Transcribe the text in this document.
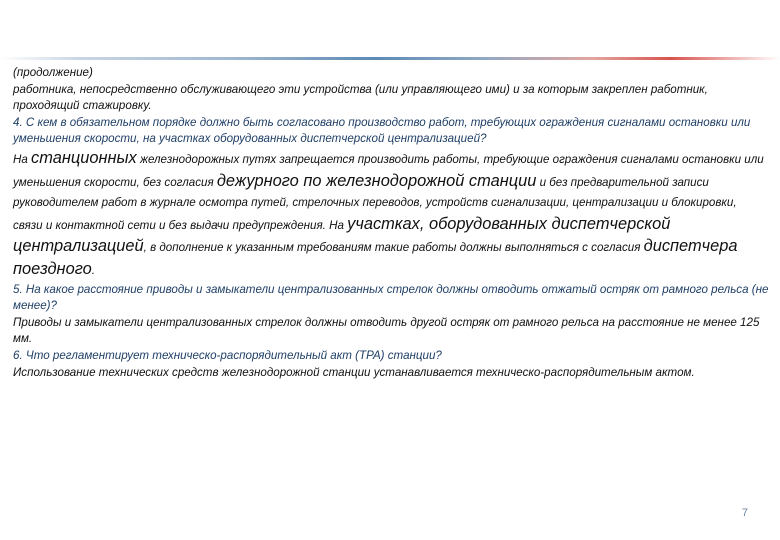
(продолжение)

работника, непосредственно обслуживающего эти устройства (или управляющего ими) и за которым закреплен работник, проходящий стажировку.

4. С кем в обязательном порядке должно быть согласовано производство работ, требующих ограждения сигналами остановки или уменьшения скорости, на участках оборудованных диспетчерской централизацией?

На станционных железнодорожных путях запрещается производить работы, требующие ограждения сигналами остановки или уменьшения скорости, без согласия дежурного по железнодорожной станции и без предварительной записи руководителем работ в журнале осмотра путей, стрелочных переводов, устройств сигнализации, централизации и блокировки, связи и контактной сети и без выдачи предупреждения. На участках, оборудованных диспетчерской централизацией, в дополнение к указанным требованиям такие работы должны выполняться с согласия диспетчера поездного.

5. На какое расстояние приводы и замыкатели централизованных стрелок должны отводить отжатый остряк от рамного рельса (не менее)?

Приводы и замыкатели централизованных стрелок должны отводить другой остряк от рамного рельса на расстояние не менее 125 мм.

6. Что регламентирует техническо-распорядительный акт (ТРА) станции?

Использование технических средств железнодорожной станции устанавливается техническо-распорядительным актом.

7
